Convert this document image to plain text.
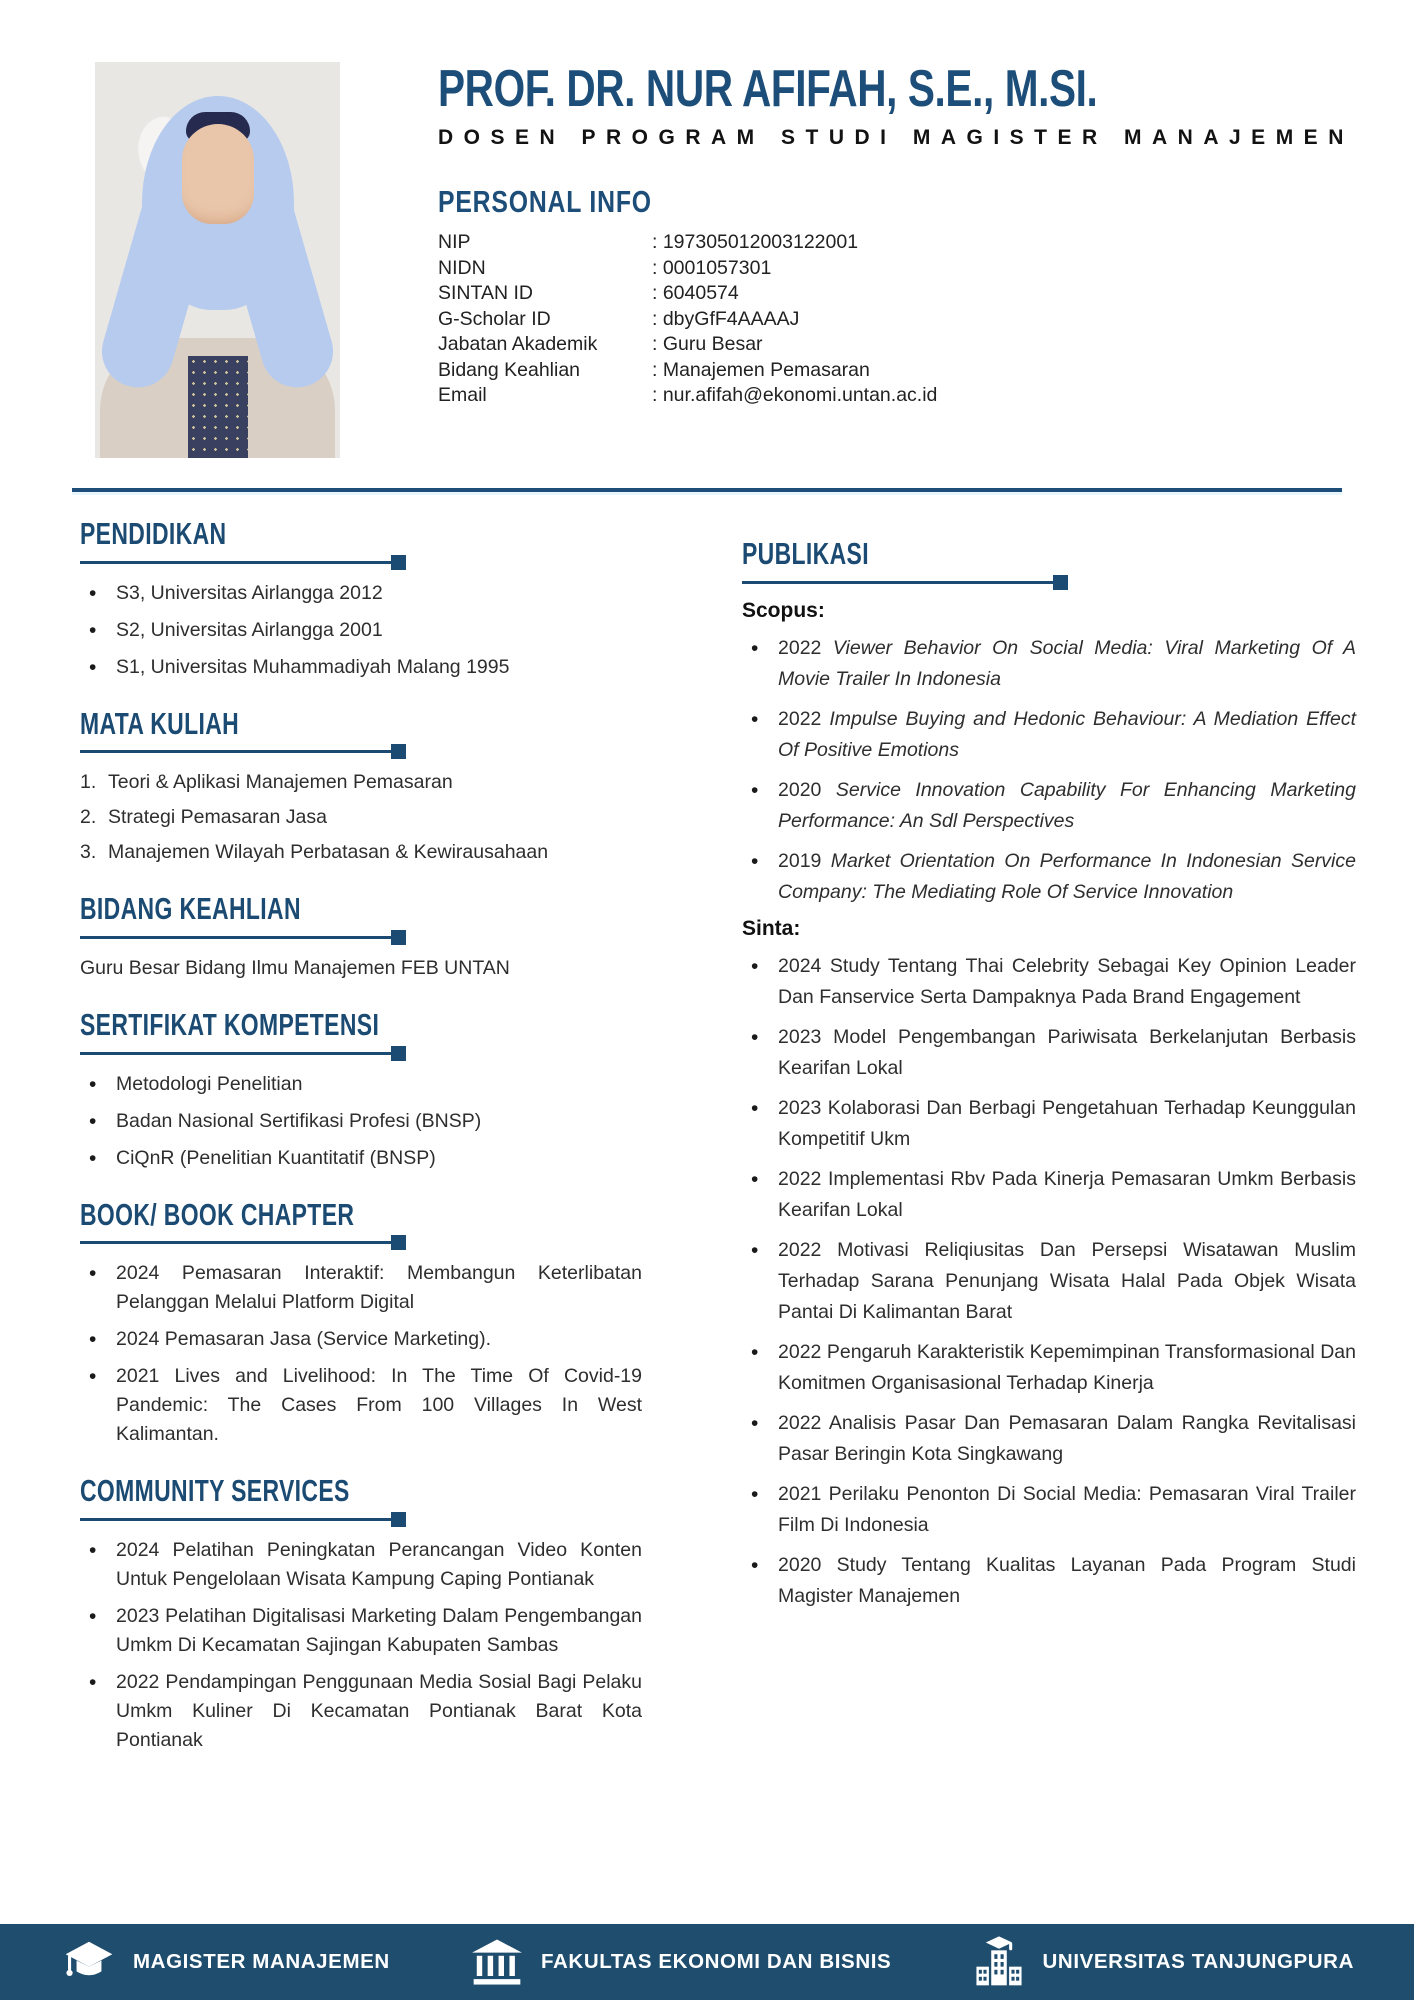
PROF. DR. NUR AFIFAH, S.E., M.SI.
DOSEN PROGRAM STUDI MAGISTER MANAJEMEN
PERSONAL INFO
NIP	: 197305012003122001
NIDN	: 0001057301
SINTAN ID	: 6040574
G-Scholar ID	: dbyGfF4AAAAJ
Jabatan Akademik	: Guru Besar
Bidang Keahlian	: Manajemen Pemasaran
Email	: nur.afifah@ekonomi.untan.ac.id
PENDIDIKAN
• S3, Universitas Airlangga 2012
• S2, Universitas Airlangga 2001
• S1, Universitas Muhammadiyah Malang 1995
MATA KULIAH
1. Teori & Aplikasi Manajemen Pemasaran
2. Strategi Pemasaran Jasa
3. Manajemen Wilayah Perbatasan & Kewirausahaan
BIDANG KEAHLIAN

Guru Besar Bidang Ilmu Manajemen FEB UNTAN

SERTIFIKAT KOMPETENSI
• Metodologi Penelitian
• Badan Nasional Sertifikasi Profesi (BNSP)
• CiQnR (Penelitian Kuantitatif (BNSP)
BOOK/ BOOK CHAPTER
• 2024 Pemasaran Interaktif: Membangun Keterlibatan Pelanggan Melalui Platform Digital
• 2024 Pemasaran Jasa (Service Marketing).
• 2021 Lives and Livelihood: In The Time Of Covid-19 Pandemic: The Cases From 100 Villages In West Kalimantan.
COMMUNITY SERVICES
• 2024 Pelatihan Peningkatan Perancangan Video Konten Untuk Pengelolaan Wisata Kampung Caping Pontianak
• 2023 Pelatihan Digitalisasi Marketing Dalam Pengembangan Umkm Di Kecamatan Sajingan Kabupaten Sambas
• 2022 Pendampingan Penggunaan Media Sosial Bagi Pelaku Umkm Kuliner Di Kecamatan Pontianak Barat Kota Pontianak
PUBLIKASI
Scopus:
• 2022 Viewer Behavior On Social Media: Viral Marketing Of A Movie Trailer In Indonesia
• 2022 Impulse Buying and Hedonic Behaviour: A Mediation Effect Of Positive Emotions
• 2020 Service Innovation Capability For Enhancing Marketing Performance: An Sdl Perspectives
• 2019 Market Orientation On Performance In Indonesian Service Company: The Mediating Role Of Service Innovation
Sinta:
• 2024 Study Tentang Thai Celebrity Sebagai Key Opinion Leader Dan Fanservice Serta Dampaknya Pada Brand Engagement
• 2023 Model Pengembangan Pariwisata Berkelanjutan Berbasis Kearifan Lokal
• 2023 Kolaborasi Dan Berbagi Pengetahuan Terhadap Keunggulan Kompetitif Ukm
• 2022 Implementasi Rbv Pada Kinerja Pemasaran Umkm Berbasis Kearifan Lokal
• 2022 Motivasi Reliqiusitas Dan Persepsi Wisatawan Muslim Terhadap Sarana Penunjang Wisata Halal Pada Objek Wisata Pantai Di Kalimantan Barat
• 2022 Pengaruh Karakteristik Kepemimpinan Transformasional Dan Komitmen Organisasional Terhadap Kinerja
• 2022 Analisis Pasar Dan Pemasaran Dalam Rangka Revitalisasi Pasar Beringin Kota Singkawang
• 2021 Perilaku Penonton Di Social Media: Pemasaran Viral Trailer Film Di Indonesia
• 2020 Study Tentang Kualitas Layanan Pada Program Studi Magister Manajemen
MAGISTER MANAJEMEN	FAKULTAS EKONOMI DAN BISNIS	UNIVERSITAS TANJUNGPURA
